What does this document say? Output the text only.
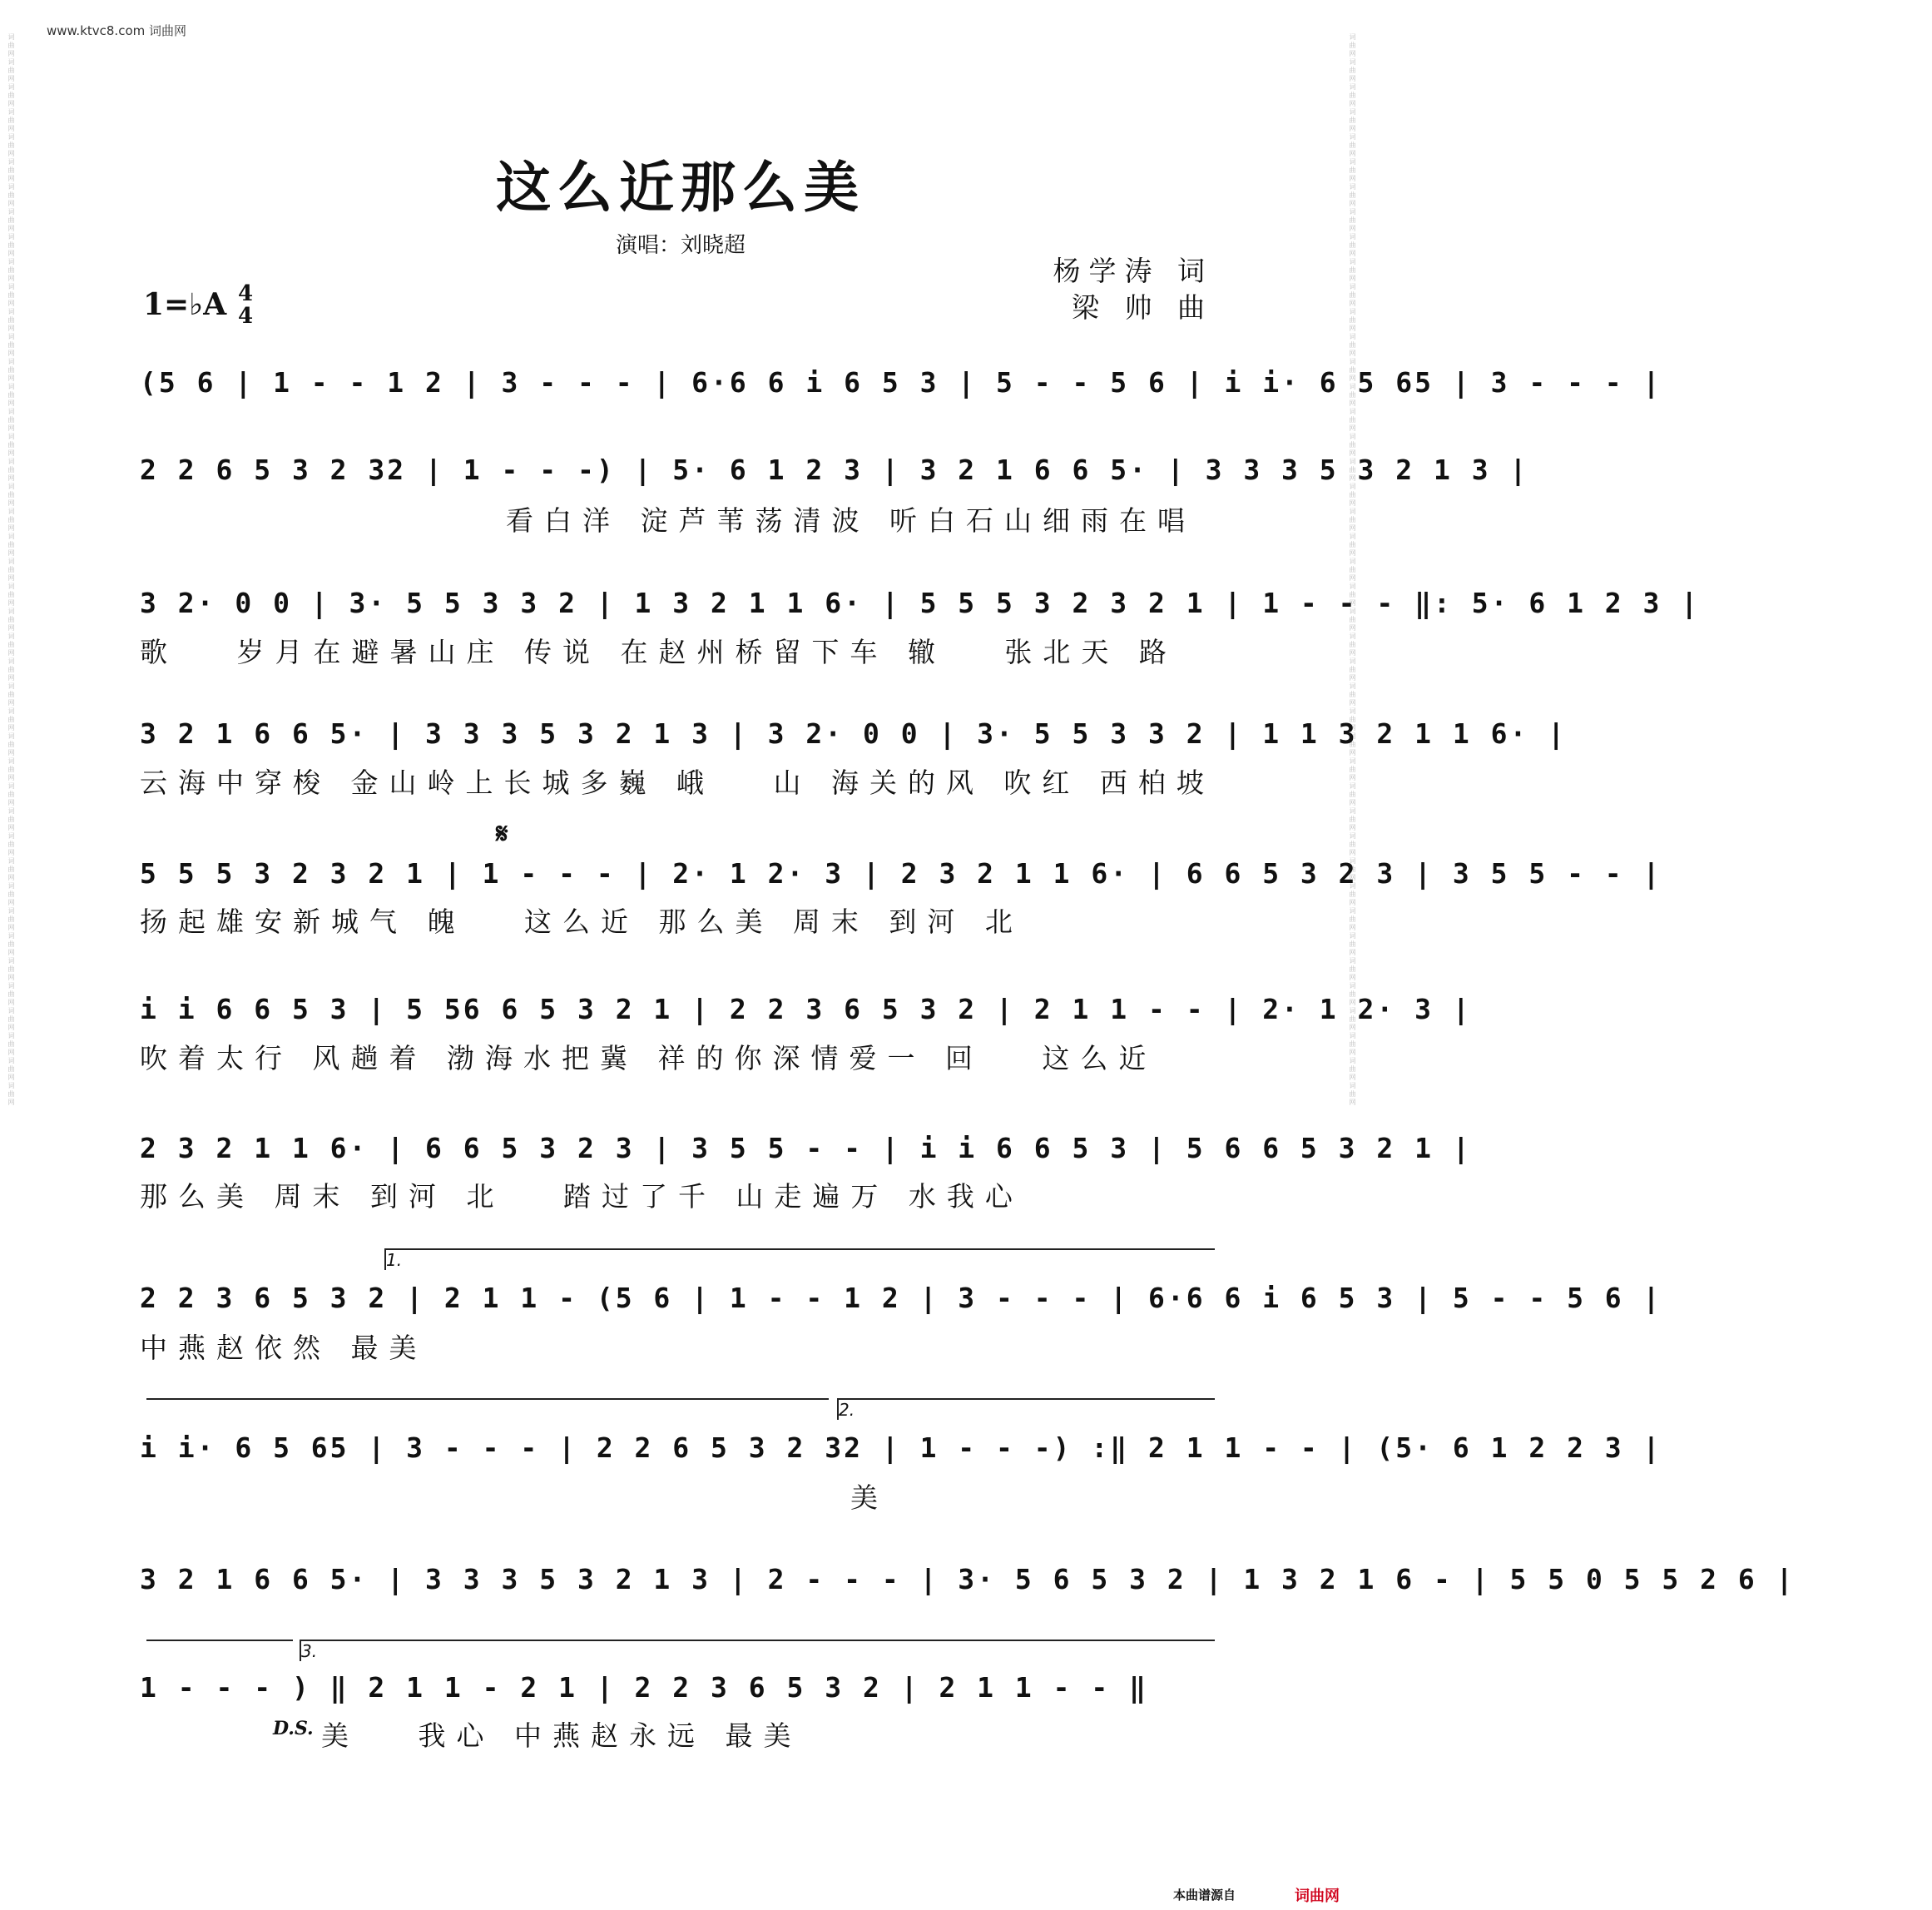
www.ktvc8.com 词曲网
词曲网词曲网词曲网词曲网词曲网词曲网词曲网词曲网词曲网词曲网词曲网词曲网词曲网词曲网词曲网词曲网词曲网词曲网词曲网词曲网词曲网词曲网词曲网词曲网词曲网词曲网词曲网词曲网词曲网词曲网词曲网词曲网词曲网词曲网词曲网词曲网词曲网词曲网词曲网词曲网词曲网词曲网词曲网	词曲网词曲网词曲网词曲网词曲网词曲网词曲网词曲网词曲网词曲网词曲网词曲网词曲网词曲网词曲网词曲网词曲网词曲网词曲网词曲网词曲网词曲网词曲网词曲网词曲网词曲网词曲网词曲网词曲网词曲网词曲网词曲网词曲网词曲网词曲网词曲网词曲网词曲网词曲网词曲网词曲网词曲网词曲网
这么近那么美
演唱：刘晓超
杨学涛 词
梁 帅 曲
1=♭A 4
4
(5 6 | 1 - - 1 2 | 3 - - - | 6·6 6 i 6 5 3 | 5 - - 5 6 | i i· 6 5 65 | 3 - - - |
2 2 6 5 3 2 32 | 1 - - -) | 5· 6 1 2 3 | 3 2 1 6 6 5· | 3 3 3 5 3 2 1 3 |
看白洋 淀芦苇荡清波 听白石山细雨在唱
3 2· 0 0 | 3· 5 5 3 3 2 | 1 3 2 1 1 6· | 5 5 5 3 2 3 2 1 | 1 - - - ‖: 5· 6 1 2 3 |
歌   岁月在避暑山庄 传说 在赵州桥留下车 辙   张北天 路
3 2 1 6 6 5· | 3 3 3 5 3 2 1 3 | 3 2· 0 0 | 3· 5 5 3 3 2 | 1 1 3 2 1 1 6· |
云海中穿梭 金山岭上长城多巍 峨   山 海关的风 吹红 西柏坡
𝄋
5 5 5 3 2 3 2 1 | 1 - - - | 2· 1 2· 3 | 2 3 2 1 1 6· | 6 6 5 3 2 3 | 3 5 5 - - |
扬起雄安新城气 魄   这么近 那么美 周末 到河 北
i i 6 6 5 3 | 5 56 6 5 3 2 1 | 2 2 3 6 5 3 2 | 2 1 1 - - | 2· 1 2· 3 |
吹着太行 风趟着 渤海水把冀 祥的你深情爱一 回   这么近
2 3 2 1 1 6· | 6 6 5 3 2 3 | 3 5 5 - - | i i 6 6 5 3 | 5 6 6 5 3 2 1 |
那么美 周末 到河 北   踏过了千 山走遍万 水我心
1.
2 2 3 6 5 3 2 | 2 1 1 - (5 6 | 1 - - 1 2 | 3 - - - | 6·6 6 i 6 5 3 | 5 - - 5 6 |
中燕赵依然 最美
2.
i i· 6 5 65 | 3 - - - | 2 2 6 5 3 2 32 | 1 - - -) :‖ 2 1 1 - - | (5· 6 1 2 2 3 |
美
3 2 1 6 6 5· | 3 3 3 5 3 2 1 3 | 2 - - - | 3· 5 6 5 3 2 | 1 3 2 1 6 - | 5 5 0 5 5 2 6 |
3.
1 - - - ) ‖ 2 1 1 - 2 1 | 2 2 3 6 5 3 2 | 2 1 1 - - ‖
D.S. 美   我心 中燕赵永远 最美
本曲谱源自	词曲网
